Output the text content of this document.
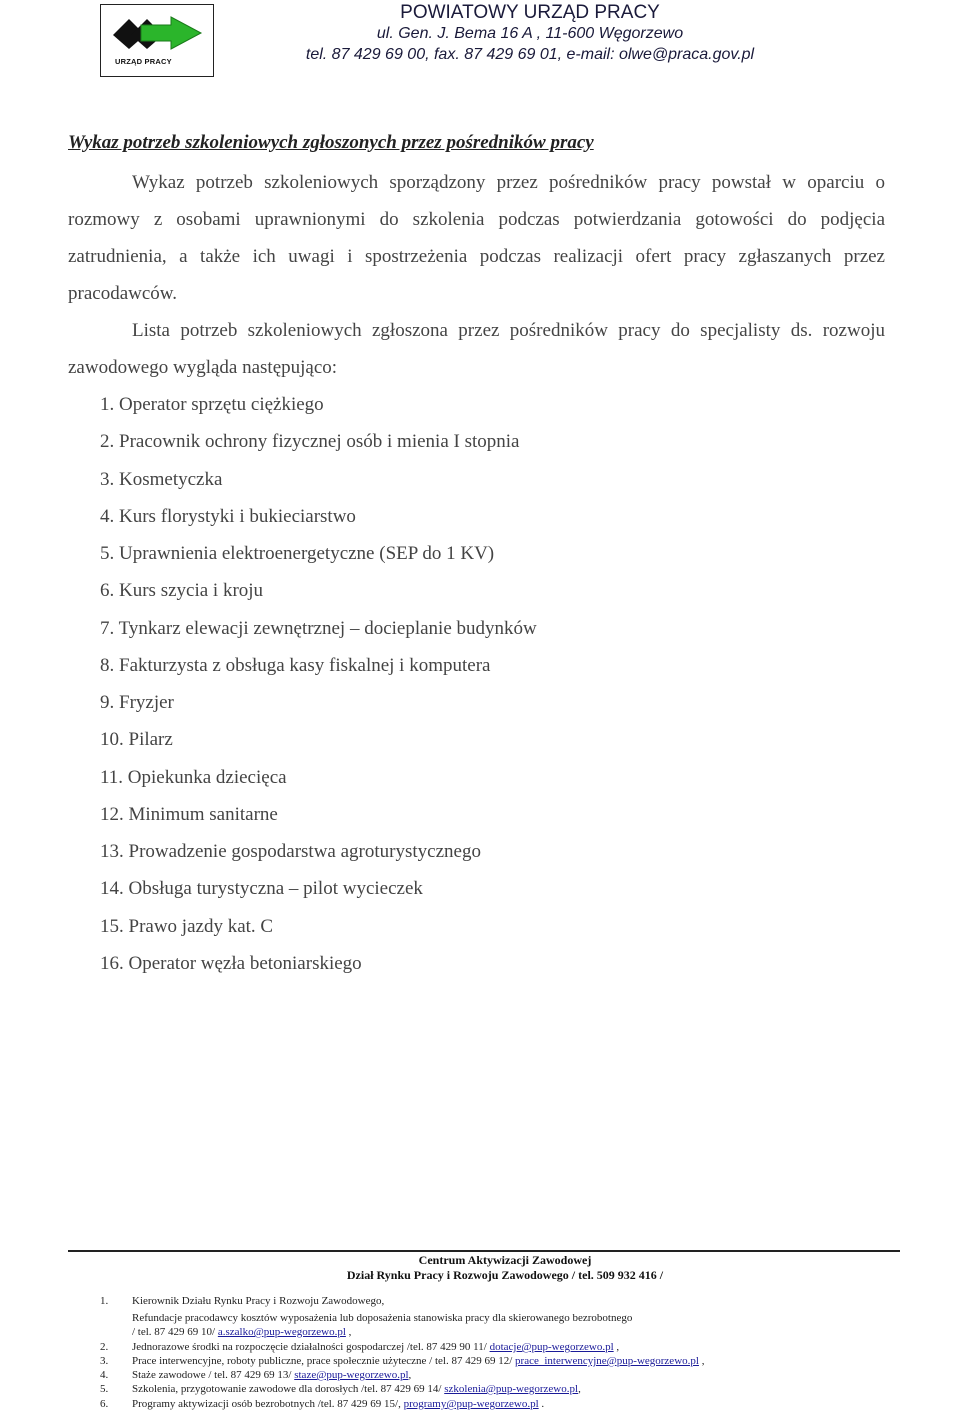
URZĄD PRACY
POWIATOWY URZĄD PRACY
ul. Gen. J. Bema 16 A , 11-600 Węgorzewo
tel. 87 429 69 00, fax. 87 429 69 01, e-mail: olwe@praca.gov.pl
Wykaz potrzeb szkoleniowych zgłoszonych przez pośredników pracy
Wykaz potrzeb szkoleniowych sporządzony przez pośredników pracy powstał w oparciu o rozmowy z osobami uprawnionymi do szkolenia podczas potwierdzania gotowości do podjęcia zatrudnienia, a także ich uwagi i spostrzeżenia podczas realizacji ofert pracy zgłaszanych przez pracodawców.
Lista potrzeb szkoleniowych zgłoszona przez pośredników pracy do specjalisty ds. rozwoju zawodowego wygląda następująco:
1. Operator sprzętu ciężkiego
2. Pracownik ochrony fizycznej osób i mienia I stopnia
3. Kosmetyczka
4. Kurs florystyki i bukieciarstwo
5. Uprawnienia elektroenergetyczne (SEP do 1 KV)
6. Kurs szycia i kroju
7. Tynkarz elewacji zewnętrznej – docieplanie budynków
8. Fakturzysta z obsługa kasy fiskalnej i komputera
9. Fryzjer
10. Pilarz
11. Opiekunka dziecięca
12. Minimum sanitarne
13. Prowadzenie gospodarstwa agroturystycznego
14. Obsługa turystyczna – pilot wycieczek
15. Prawo jazdy kat. C
16. Operator węzła betoniarskiego
Centrum Aktywizacji Zawodowej
Dział Rynku Pracy i Rozwoju Zawodowego / tel. 509 932 416 /
1. Kierownik Działu Rynku Pracy i Rozwoju Zawodowego,
Refundacje pracodawcy kosztów wyposażenia lub doposażenia stanowiska pracy dla skierowanego bezrobotnego
/ tel. 87 429 69 10/ a.szalko@pup-wegorzewo.pl ,
2. Jednorazowe środki na rozpoczęcie działalności gospodarczej /tel. 87 429 90 11/ dotacje@pup-wegorzewo.pl ,
3. Prace interwencyjne, roboty publiczne, prace społecznie użyteczne / tel. 87 429 69 12/ prace_interwencyjne@pup-wegorzewo.pl ,
4. Staże zawodowe / tel. 87 429 69 13/ staze@pup-wegorzewo.pl,
5. Szkolenia, przygotowanie zawodowe dla dorosłych /tel. 87 429 69 14/ szkolenia@pup-wegorzewo.pl,
6. Programy aktywizacji osób bezrobotnych /tel. 87 429 69 15/, programy@pup-wegorzewo.pl .
